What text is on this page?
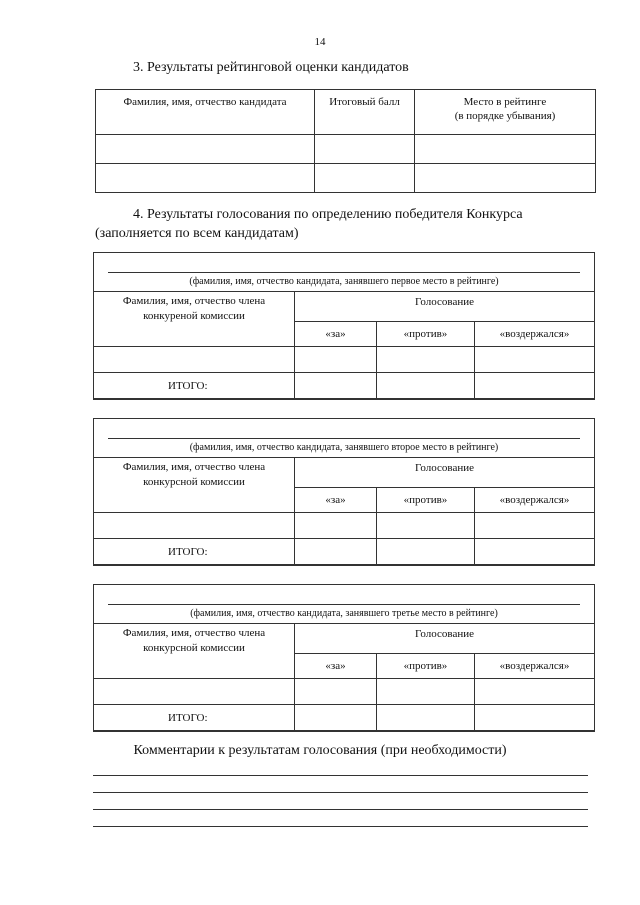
14
3. Результаты рейтинговой оценки кандидатов
Фамилия, имя, отчество кандидата	Итоговый балл	Место в рейтинге
(в порядке убывания)

4. Результаты голосования по определению победителя Конкурса
(заполняется по всем кандидатам)
(фамилия, имя, отчество кандидата, занявшего первое место в рейтинге)
Фамилия, имя, отчество члена
конкуреной комиссии	Голосование		
	«за»	«против»	«воздержался»

ИТОГО:			
(фамилия, имя, отчество кандидата, занявшего второе место в рейтинге)
Фамилия, имя, отчество члена
конкурсной комиссии	Голосование		
	«за»	«против»	«воздержался»

ИТОГО:			
(фамилия, имя, отчество кандидата, занявшего третье место в рейтинге)
Фамилия, имя, отчество члена
конкурсной комиссии	Голосование		
	«за»	«против»	«воздержался»

ИТОГО:			
Комментарии к результатам голосования (при необходимости)
